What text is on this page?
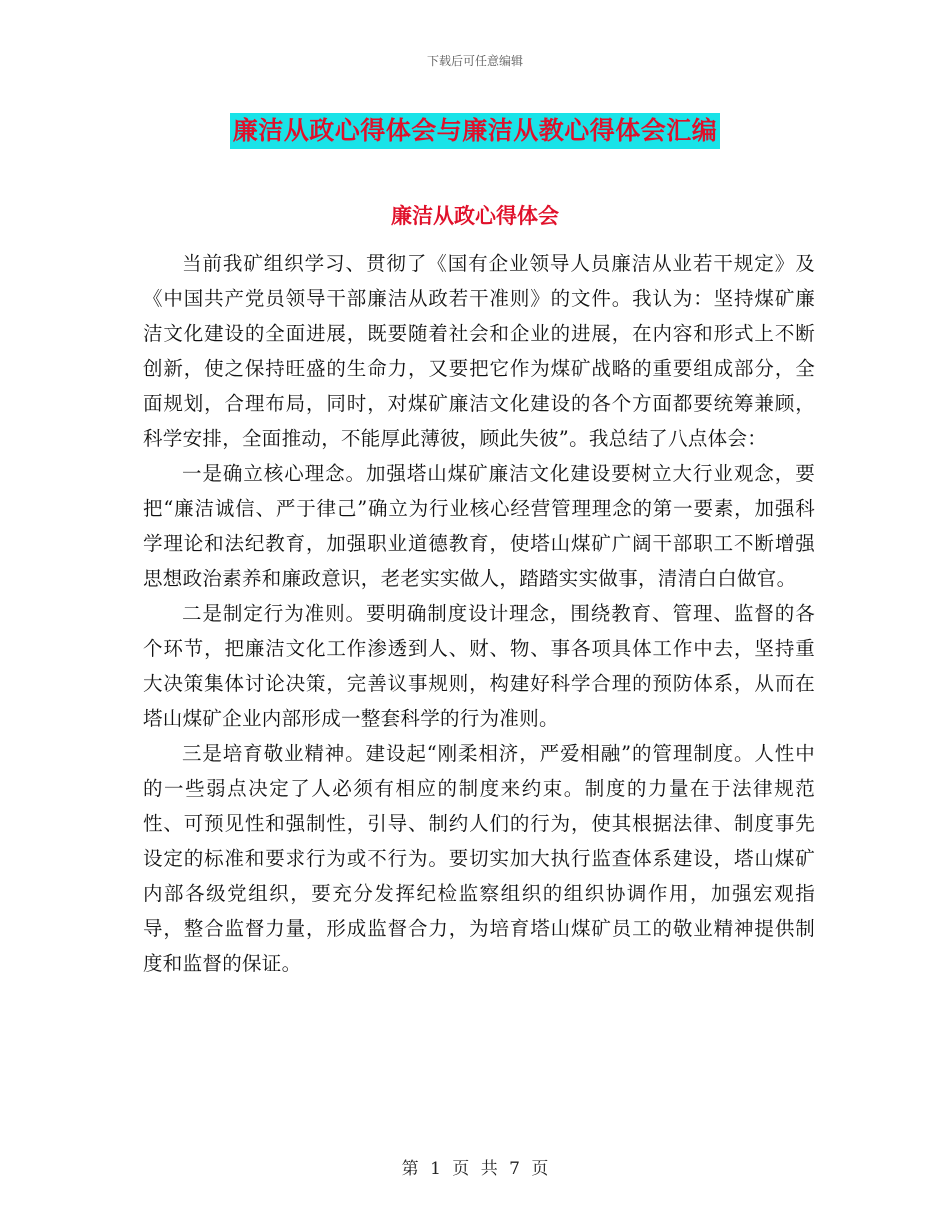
下载后可任意编辑
廉洁从政心得体会与廉洁从教心得体会汇编
廉洁从政心得体会

当前我矿组织学习、贯彻了《国有企业领导人员廉洁从业若干规定》及《中国共产党员领导干部廉洁从政若干准则》的文件。我认为：坚持煤矿廉洁文化建设的全面进展，既要随着社会和企业的进展，在内容和形式上不断创新，使之保持旺盛的生命力，又要把它作为煤矿战略的重要组成部分，全面规划，合理布局，同时，对煤矿廉洁文化建设的各个方面都要统筹兼顾，科学安排，全面推动，不能厚此薄彼，顾此失彼”。我总结了八点体会：

一是确立核心理念。加强塔山煤矿廉洁文化建设要树立大行业观念，要把“廉洁诚信、严于律己”确立为行业核心经营管理理念的第一要素，加强科学理论和法纪教育，加强职业道德教育，使塔山煤矿广阔干部职工不断增强思想政治素养和廉政意识，老老实实做人，踏踏实实做事，清清白白做官。

二是制定行为准则。要明确制度设计理念，围绕教育、管理、监督的各个环节，把廉洁文化工作渗透到人、财、物、事各项具体工作中去，坚持重大决策集体讨论决策，完善议事规则，构建好科学合理的预防体系，从而在塔山煤矿企业内部形成一整套科学的行为准则。

三是培育敬业精神。建设起“刚柔相济，严爱相融”的管理制度。人性中的一些弱点决定了人必须有相应的制度来约束。制度的力量在于法律规范性、可预见性和强制性，引导、制约人们的行为，使其根据法律、制度事先设定的标准和要求行为或不行为。要切实加大执行监查体系建设，塔山煤矿内部各级党组织，要充分发挥纪检监察组织的组织协调作用，加强宏观指导，整合监督力量，形成监督合力，为培育塔山煤矿员工的敬业精神提供制度和监督的保证。

第 1 页 共 7 页
